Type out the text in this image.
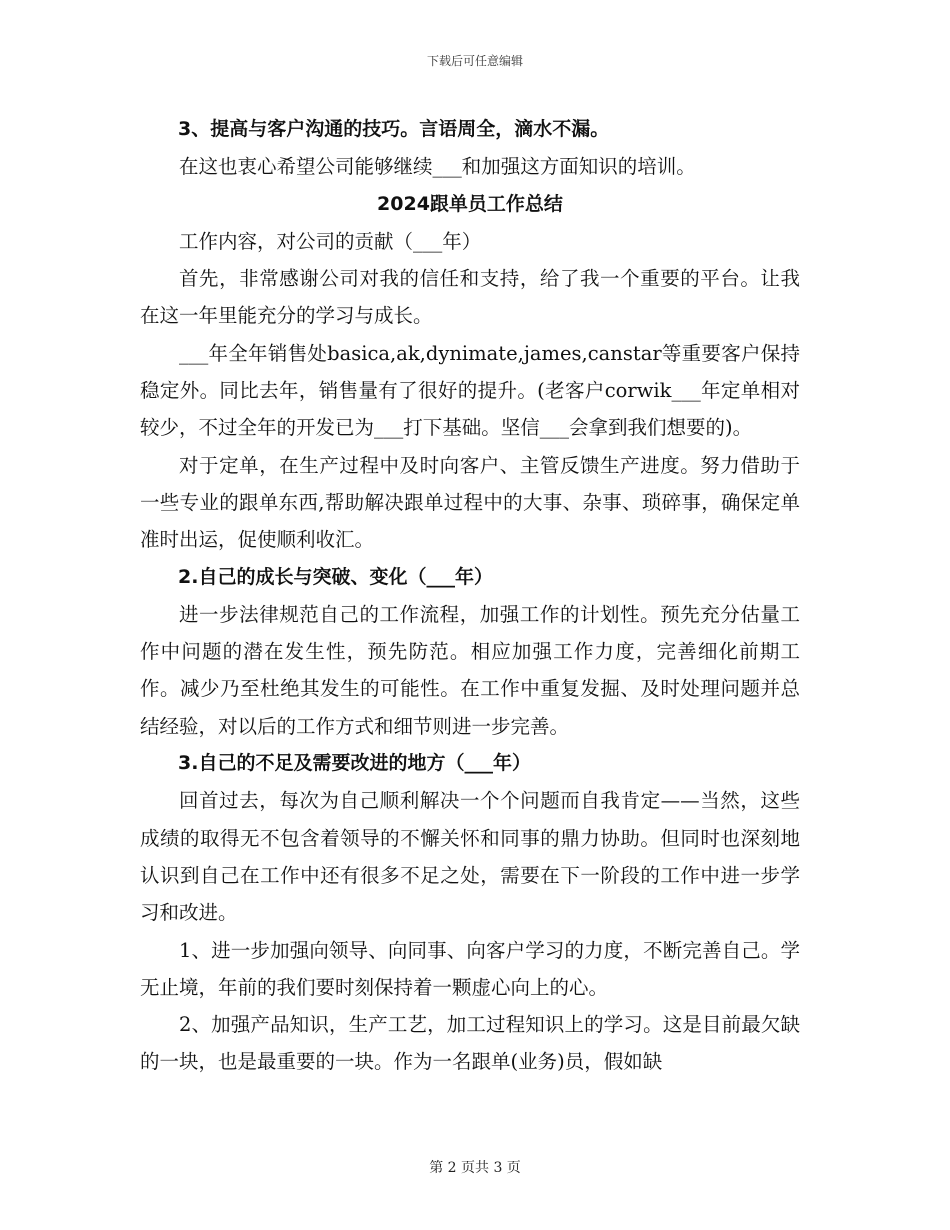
下载后可任意编辑

3、提高与客户沟通的技巧。言语周全，滴水不漏。

在这也衷心希望公司能够继续___和加强这方面知识的培训。

2024跟单员工作总结

工作内容，对公司的贡献（___年）

首先，非常感谢公司对我的信任和支持，给了我一个重要的平台。让我在这一年里能充分的学习与成长。

___年全年销售处basica,ak,dynimate,james,canstar等重要客户保持稳定外。同比去年，销售量有了很好的提升。(老客户corwik___年定单相对较少，不过全年的开发已为___打下基础。坚信___会拿到我们想要的)。

对于定单，在生产过程中及时向客户、主管反馈生产进度。努力借助于一些专业的跟单东西,帮助解决跟单过程中的大事、杂事、琐碎事，确保定单准时出运，促使顺利收汇。

2.自己的成长与突破、变化（___年）

进一步法律规范自己的工作流程，加强工作的计划性。预先充分估量工作中问题的潜在发生性，预先防范。相应加强工作力度，完善细化前期工作。减少乃至杜绝其发生的可能性。在工作中重复发掘、及时处理问题并总结经验，对以后的工作方式和细节则进一步完善。

3.自己的不足及需要改进的地方（___年）

回首过去，每次为自己顺利解决一个个问题而自我肯定——当然，这些成绩的取得无不包含着领导的不懈关怀和同事的鼎力协助。但同时也深刻地认识到自己在工作中还有很多不足之处，需要在下一阶段的工作中进一步学习和改进。

1、进一步加强向领导、向同事、向客户学习的力度，不断完善自己。学无止境，年前的我们要时刻保持着一颗虚心向上的心。

2、加强产品知识，生产工艺，加工过程知识上的学习。这是目前最欠缺的一块，也是最重要的一块。作为一名跟单(业务)员，假如缺

第 2 页共 3 页
